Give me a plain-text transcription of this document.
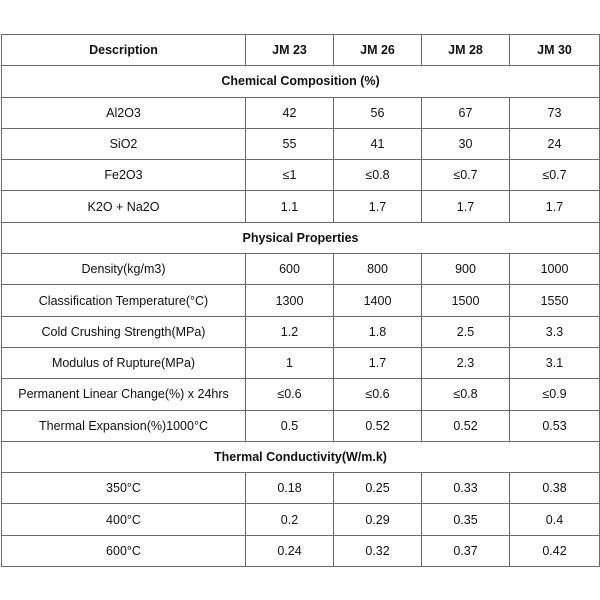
Description	JM 23	JM 26	JM 28	JM 30
Chemical Composition (%)				
Al2O3	42	56	67	73
SiO2	55	41	30	24
Fe2O3	≤1	≤0.8	≤0.7	≤0.7
K2O + Na2O	1.1	1.7	1.7	1.7
Physical Properties				
Density(kg/m3)	600	800	900	1000
Classification Temperature(°C)	1300	1400	1500	1550
Cold Crushing Strength(MPa)	1.2	1.8	2.5	3.3
Modulus of Rupture(MPa)	1	1.7	2.3	3.1
Permanent Linear Change(%) x 24hrs	≤0.6	≤0.6	≤0.8	≤0.9
Thermal Expansion(%)1000°C	0.5	0.52	0.52	0.53
Thermal Conductivity(W/m.k)				
350°C	0.18	0.25	0.33	0.38
400°C	0.2	0.29	0.35	0.4
600°C	0.24	0.32	0.37	0.42
